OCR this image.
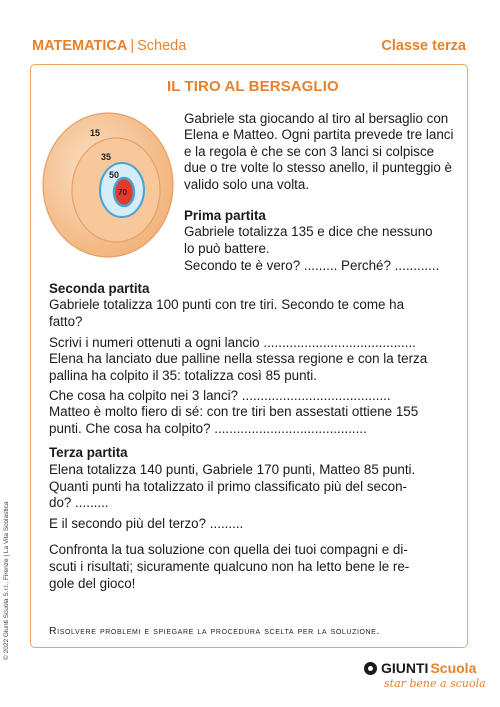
MATEMATICA | Scheda	Classe terza
IL TIRO AL BERSAGLIO
15
35
50
70
Gabriele sta giocando al tiro al bersaglio con Elena e Matteo. Ogni partita prevede tre lanci e la regola è che se con 3 lanci si colpisce due o tre volte lo stesso anello, il punteggio è valido solo una volta.
Prima partita
Gabriele totalizza 135 e dice che nessuno
lo può battere.
Secondo te è vero? ......... Perché? ............
Seconda partita
Gabriele totalizza 100 punti con tre tiri. Secondo te come ha
fatto?
Scrivi i numeri ottenuti a ogni lancio .........................................
Elena ha lanciato due palline nella stessa regione e con la terza
pallina ha colpito il 35: totalizza così 85 punti.
Che cosa ha colpito nei 3 lanci? ........................................
Matteo è molto fiero di sé: con tre tiri ben assestati ottiene 155
punti. Che cosa ha colpito? .........................................
Terza partita
Elena totalizza 140 punti, Gabriele 170 punti, Matteo 85 punti.
Quanti punti ha totalizzato il primo classificato più del secon-
do? .........
E il secondo più del terzo? .........
Confronta la tua soluzione con quella dei tuoi compagni e di-
scuti i risultati; sicuramente qualcuno non ha letto bene le re-
gole del gioco!
Risolvere problemi e spiegare la procedura scelta per la soluzione.
© 2022 Giunti Scuola S.r.l., Firenze | La Vita Scolastica
GIUNTI Scuola
star bene a scuola
